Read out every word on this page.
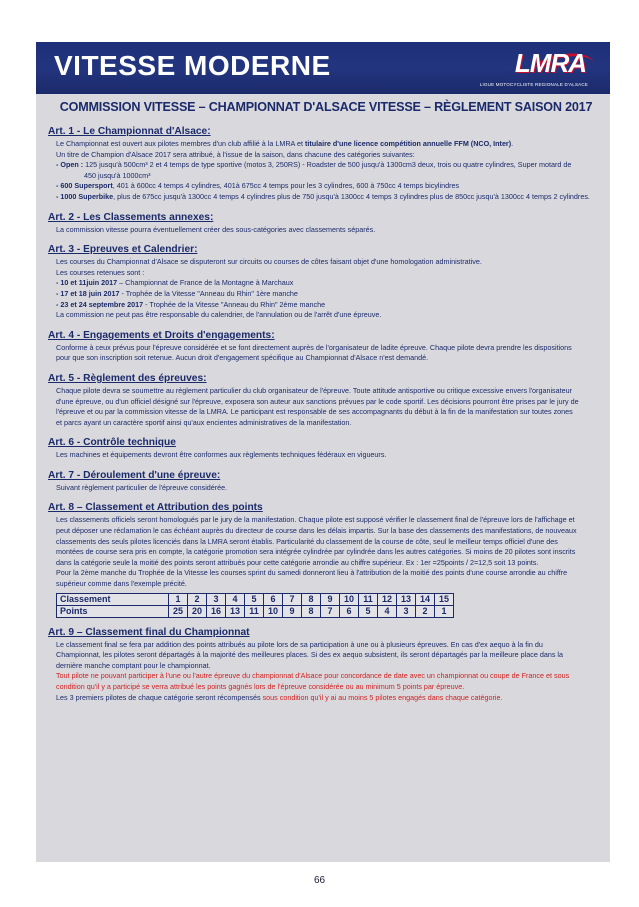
VITESSE MODERNE	LMRA
LIGUE MOTOCYCLISTE REGIONALE D'ALSACE
◌
COMMISSION VITESSE – CHAMPIONNAT D'ALSACE VITESSE – RÈGLEMENT SAISON 2017
Art. 1 - Le Championnat d'Alsace:
Le Championnat est ouvert aux pilotes membres d'un club affilié à la LMRA et titulaire d'une licence compétition annuelle FFM (NCO, Inter).
Un titre de Champion d'Alsace 2017 sera attribué, à l'issue de la saison, dans chacune des catégories suivantes:
- Open : 125 jusqu'à 500cm³ 2 et 4 temps de type sportive (motos 3, 250RS) - Roadster de 500 jusqu'à 1300cm3 deux, trois ou quatre cylindres, Super motard de
450 jusqu'à 1000cm³
- 600 Supersport, 401 à 600cc 4 temps 4 cylindres, 401à 675cc 4 temps pour les 3 cylindres, 600 à 750cc 4 temps bicylindres
- 1000 Superbike, plus de 675cc jusqu'à 1300cc 4 temps 4 cylindres plus de 750 jusqu'à 1300cc 4 temps 3 cylindres plus de 850cc jusqu'à 1300cc 4 temps 2 cylindres.
Art. 2 - Les Classements annexes:
La commission vitesse pourra éventuellement créer des sous-catégories avec classements séparés.
Art. 3 - Epreuves et Calendrier:
Les courses du Championnat d'Alsace se disputeront sur circuits ou courses de côtes faisant objet d'une homologation administrative.
Les courses retenues sont :
- 10 et 11juin 2017 – Championnat de France de la Montagne à Marchaux
- 17 et 18 juin 2017 - Trophée de la Vitesse "Anneau du Rhin" 1ère manche
- 23 et 24 septembre 2017 - Trophée de la Vitesse "Anneau du Rhin" 2ème manche
La commission ne peut pas être responsable du calendrier, de l'annulation ou de l'arrêt d'une épreuve.
Art. 4 - Engagements et Droits d'engagements:
Conforme à ceux prévus pour l'épreuve considérée et se font directement auprès de l'organisateur de ladite épreuve. Chaque pilote devra prendre les dispositions
pour que son inscription soit retenue. Aucun droit d'engagement spécifique au Championnat d'Alsace n'est demandé.
Art. 5 - Règlement des épreuves:
Chaque pilote devra se soumettre au règlement particulier du club organisateur de l'épreuve. Toute attitude antisportive ou critique excessive envers l'organisateur
d'une épreuve, ou d'un officiel désigné sur l'épreuve, exposera son auteur aux sanctions prévues par le code sportif. Les décisions pourront être prises par le jury de
l'épreuve et ou par la commission vitesse de la LMRA. Le participant est responsable de ses accompagnants du début à la fin de la manifestation sur toutes zones
et parcs ayant un caractère sportif ainsi qu'aux encientes administratives de la manifestation.
Art. 6 - Contrôle technique
Les machines et équipements devront être conformes aux règlements techniques fédéraux en vigueurs.
Art. 7 - Déroulement d'une épreuve:
Suivant règlement particulier de l'épreuve considérée.
Art. 8 – Classement et Attribution des points
Les classements officiels seront homologués par le jury de la manifestation. Chaque pilote est supposé vérifier le classement final de l'épreuve lors de l'affichage et
peut déposer une réclamation le cas échéant auprès du directeur de course dans les délais impartis. Sur la base des classements des manifestations, de nouveaux
classements des seuls pilotes licenciés dans la LMRA seront établis. Particularité du classement de la course de côte, seul le meilleur temps officiel d'une des
montées de course sera pris en compte, la catégorie promotion sera intégrée cylindrée par cylindrée dans les autres catégories. Si moins de 20 pilotes sont inscrits
dans la catégorie seule la moitié des points seront attribués pour cette catégorie arrondie au chiffre supérieur. Ex : 1er =25points / 2=12,5 soit 13 points.
Pour la 2ème manche du Trophée de la Vitesse les courses sprint du samedi donneront lieu à l'attribution de la moitié des points d'une course arrondie au chiffre
supérieur comme dans l'exemple précité.
Classement	1	2	3	4	5	6	7	8	9	10	11	12	13	14	15
Points	25	20	16	13	11	10	9	8	7	6	5	4	3	2	1
Art. 9 – Classement final du Championnat
Le classement final se fera par addition des points attribués au pilote lors de sa participation à une ou à plusieurs épreuves. En cas d'ex aequo à la fin du
Championnat, les pilotes seront départagés à la majorité des meilleures places. Si des ex aequo subsistent, ils seront départagés par la meilleure place dans la
dernière manche comptant pour le championnat.
Tout pilote ne pouvant participer à l'une ou l'autre épreuve du championnat d'Alsace pour concordance de date avec un championnat ou coupe de France et sous
condition qu'il y a participé se verra attribué les points gagnés lors de l'épreuve considérée ou au minimum 5 points par épreuve.
Les 3 premiers pilotes de chaque catégorie seront récompensés sous condition qu'il y ai au moins 5 pilotes engagés dans chaque catégorie.
66
